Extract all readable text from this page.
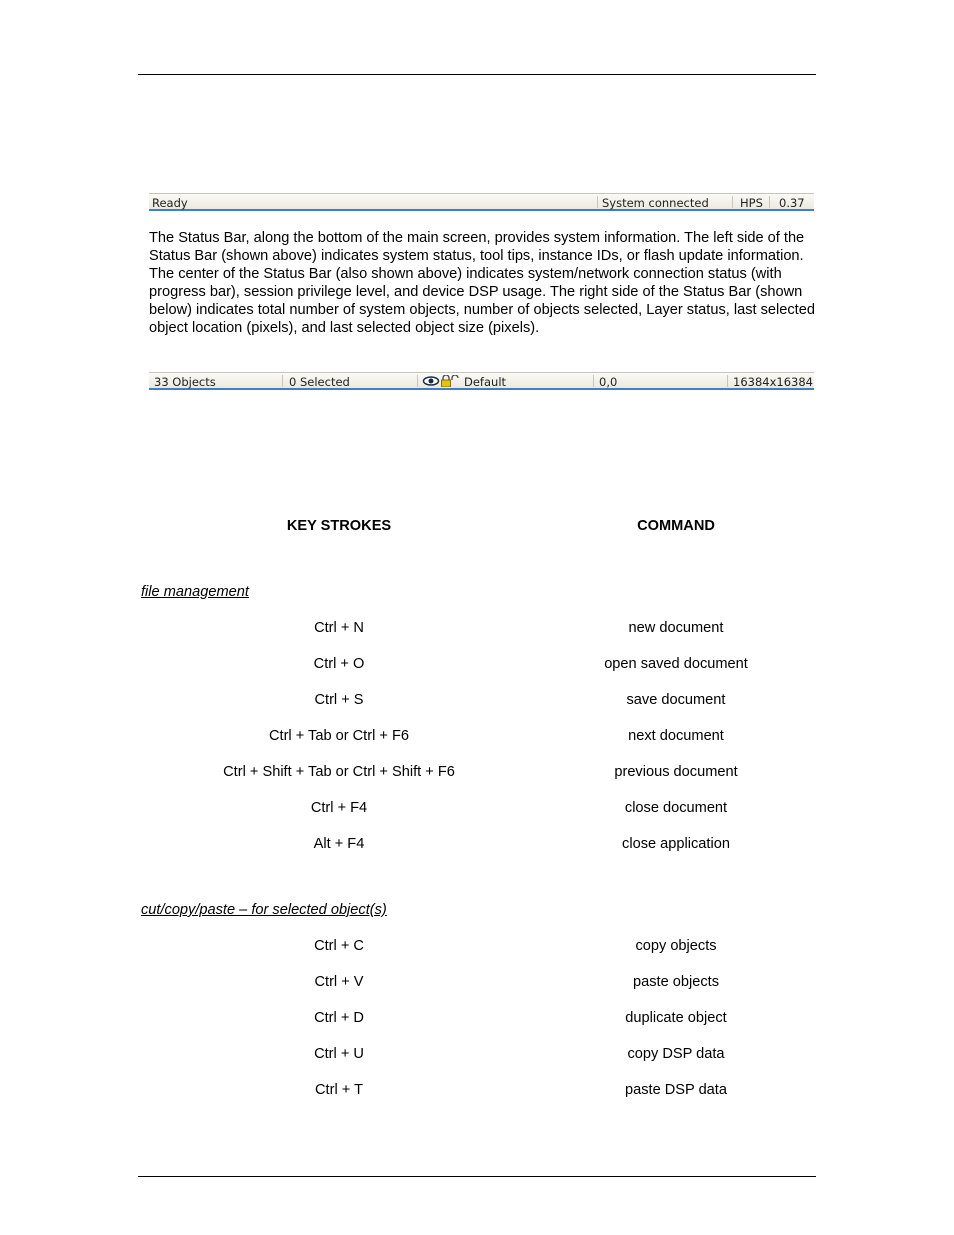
Ready	System connected	HPS 0.37
The Status Bar, along the bottom of the main screen, provides system information. The left side of the Status Bar (shown above) indicates system status, tool tips, instance IDs, or flash update information. The center of the Status Bar (also shown above) indicates system/network connection status (with progress bar), session privilege level, and device DSP usage. The right side of the Status Bar (shown below) indicates total number of system objects, number of objects selected, Layer status, last selected object location (pixels), and last selected object size (pixels).
33 Objects	0 Selected	Default	0,0	16384x16384
KEY STROKES	COMMAND
file management
Ctrl + N	new document
Ctrl + O	open saved document
Ctrl + S	save document
Ctrl + Tab or Ctrl + F6	next document
Ctrl + Shift + Tab or Ctrl + Shift + F6	previous document
Ctrl + F4	close document
Alt + F4	close application
cut/copy/paste – for selected object(s)
Ctrl + C	copy objects
Ctrl + V	paste objects
Ctrl + D	duplicate object
Ctrl + U	copy DSP data
Ctrl + T	paste DSP data
